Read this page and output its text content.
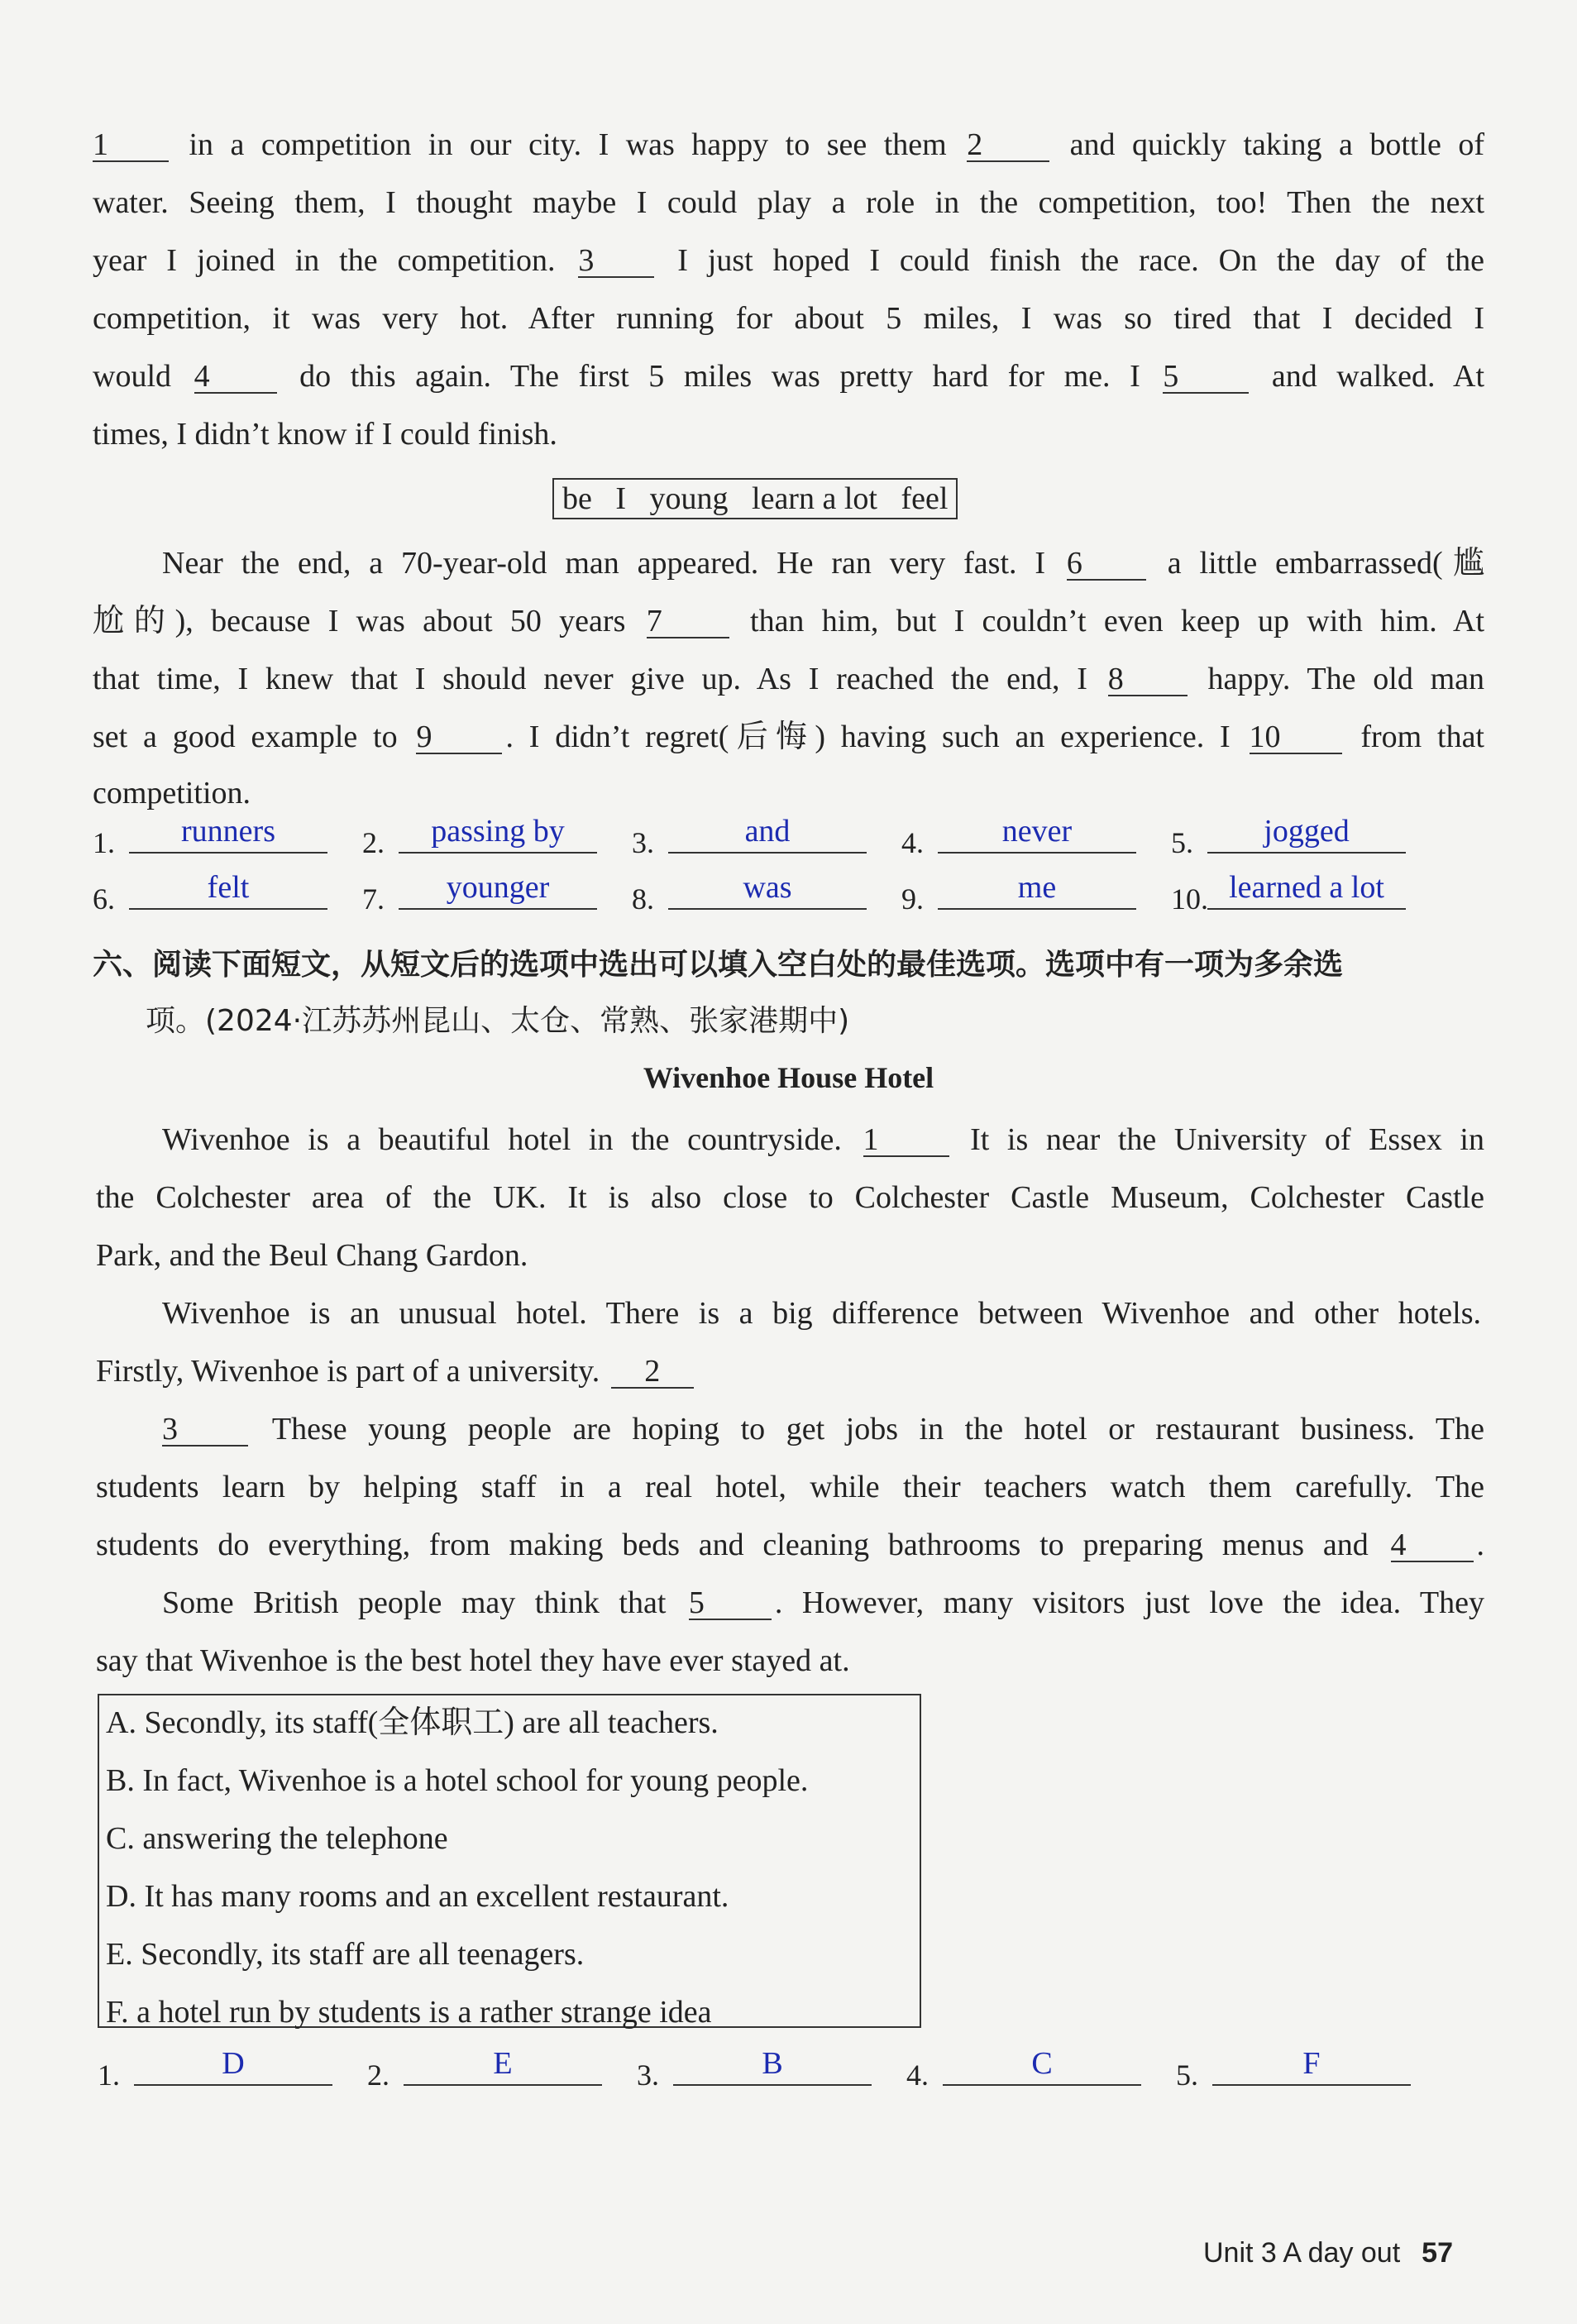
1 in a competition in our city. I was happy to see them 2 and quickly taking a bottle of
water. Seeing them, I thought maybe I could play a role in the competition, too! Then the next
year I joined in the competition. 3 I just hoped I could finish the race. On the day of the
competition, it was very hot. After running for about 5 miles, I was so tired that I decided I
would 4 do this again. The first 5 miles was pretty hard for me. I 5 and walked. At
times, I didn’t know if I could finish.
be   I   young   learn a lot   feel
Near the end, a 70-year-old man appeared. He ran very fast. I 6 a little embarrassed(尴
尬的), because I was about 50 years 7 than him, but I couldn’t even keep up with him. At
that time, I knew that I should never give up. As I reached the end, I 8 happy. The old man
set a good example to 9 . I didn’t regret(后悔) having such an experience. I 10 from that
competition.
1.	runners	2.	passing by	3.	and	4.	never	5.	jogged
6.	felt	7.	younger	8.	was	9.	me	10. learned a lot
六、阅读下面短文，从短文后的选项中选出可以填入空白处的最佳选项。选项中有一项为多余选
项。(2024·江苏苏州昆山、太仓、常熟、张家港期中)
Wivenhoe House Hotel
Wivenhoe is a beautiful hotel in the countryside. 1 It is near the University of Essex in
the Colchester area of the UK. It is also close to Colchester Castle Museum, Colchester Castle
Park, and the Beul Chang Gardon.
Wivenhoe is an unusual hotel. There is a big difference between Wivenhoe and other hotels.
Firstly, Wivenhoe is part of a university. 2
3 These young people are hoping to get jobs in the hotel or restaurant business. The
students learn by helping staff in a real hotel, while their teachers watch them carefully. The
students do everything, from making beds and cleaning bathrooms to preparing menus and 4 .
Some British people may think that 5 . However, many visitors just love the idea. They
say that Wivenhoe is the best hotel they have ever stayed at.
A. Secondly, its staff(全体职工) are all teachers.
B. In fact, Wivenhoe is a hotel school for young people.
C. answering the telephone
D. It has many rooms and an excellent restaurant.
E. Secondly, its staff are all teenagers.
F. a hotel run by students is a rather strange idea
1.	D	2.	E	3.	B	4.	C	5.	F
Unit 3 A day out 57
